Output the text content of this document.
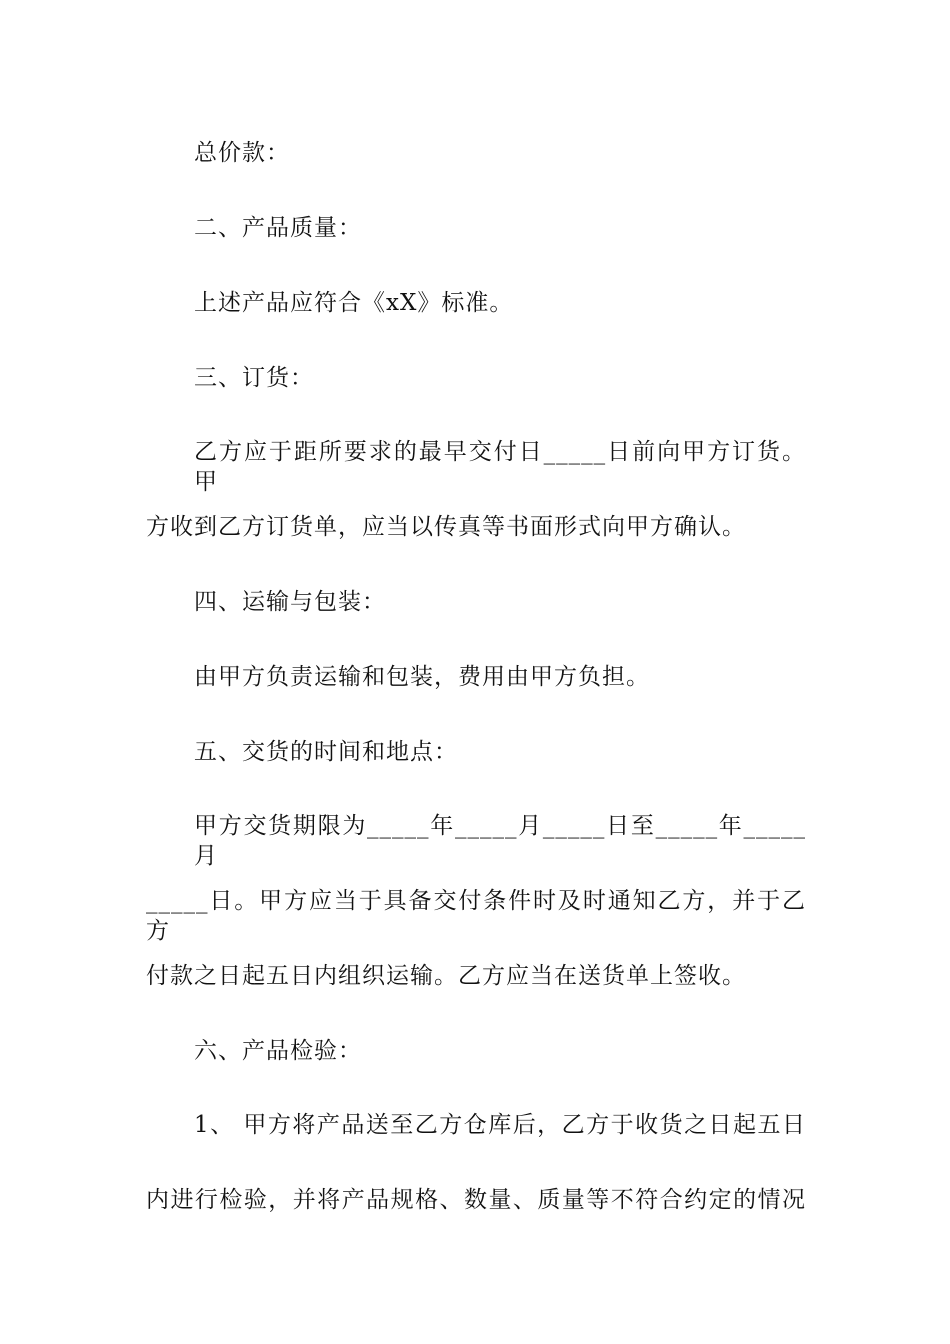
总价款：
二、产品质量：
上述产品应符合《xX》标准。
三、订货：
乙方应于距所要求的最早交付日_____日前向甲方订货。甲
方收到乙方订货单，应当以传真等书面形式向甲方确认。
四、运输与包装：
由甲方负责运输和包装，费用由甲方负担。
五、交货的时间和地点：
甲方交货期限为_____年_____月_____日至_____年_____月
_____日。甲方应当于具备交付条件时及时通知乙方，并于乙方
付款之日起五日内组织运输。乙方应当在送货单上签收。
六、产品检验：
1、 甲方将产品送至乙方仓库后，乙方于收货之日起五日
内进行检验，并将产品规格、数量、质量等不符合约定的情况
